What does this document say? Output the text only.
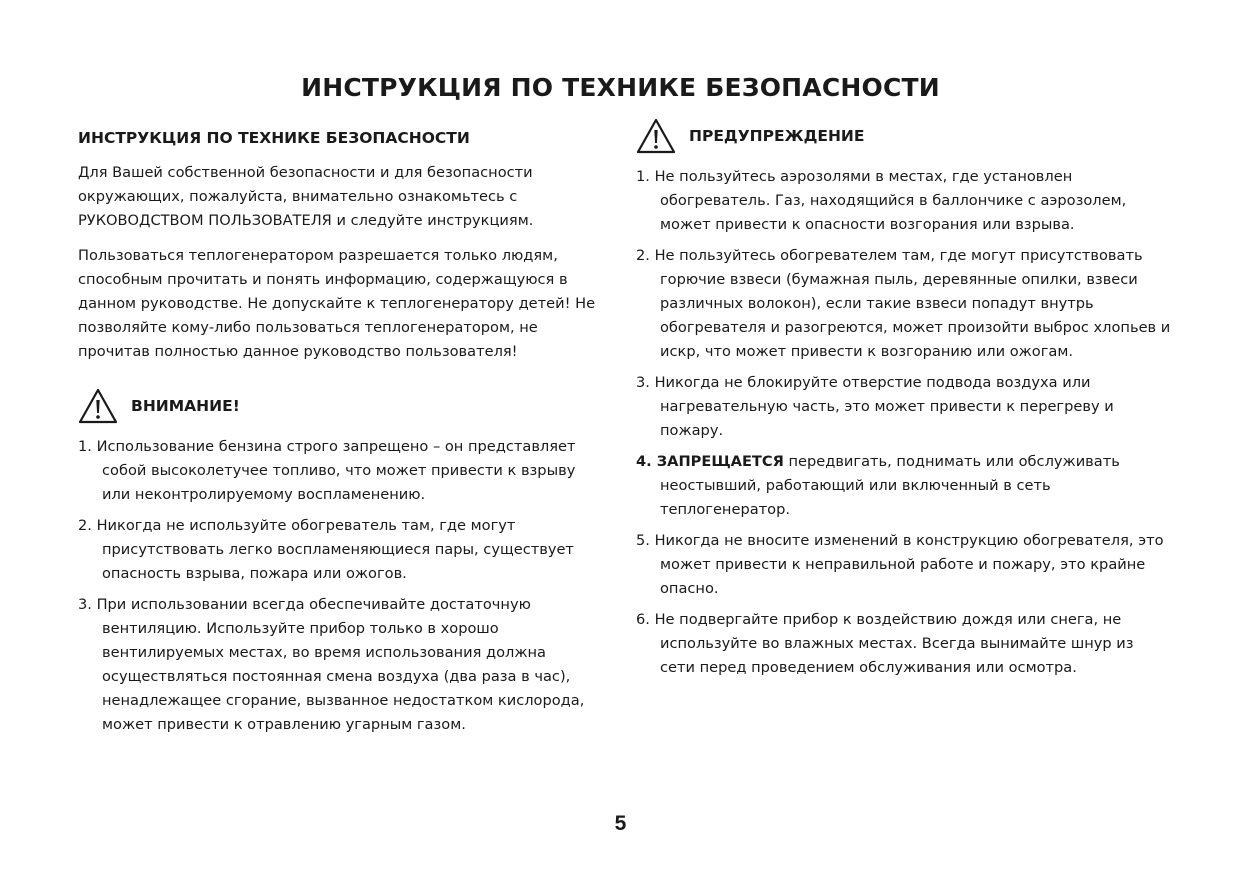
ИНСТРУКЦИЯ ПО ТЕХНИКЕ БЕЗОПАСНОСТИ
ИНСТРУКЦИЯ ПО ТЕХНИКЕ БЕЗОПАСНОСТИ

Для Вашей собственной безопасности и для безопасности окружающих, пожалуйста, внимательно ознакомьтесь с РУКОВОДСТВОМ ПОЛЬЗОВАТЕЛЯ и следуйте инструкциям.

Пользоваться теплогенератором разрешается только людям, способным прочитать и понять информацию, содержащуюся в данном руководстве. Не допускайте к теплогенератору детей! Не позволяйте кому-либо пользоваться теплогенератором, не прочитав полностью данное руководство пользователя!

ВНИМАНИЕ!
1. Использование бензина строго запрещено – он представляет собой высоколетучее топливо, что может привести к взрыву или неконтролируемому воспламенению.
2. Никогда не используйте обогреватель там, где могут присутствовать легко воспламеняющиеся пары, существует опасность взрыва, пожара или ожогов.
3. При использовании всегда обеспечивайте достаточную вентиляцию. Используйте прибор только в хорошо вентилируемых местах, во время использования должна осуществляться постоянная смена воздуха (два раза в час), ненадлежащее сгорание, вызванное недостатком кислорода, может привести к отравлению угарным газом.
ПРЕДУПРЕЖДЕНИЕ
1. Не пользуйтесь аэрозолями в местах, где установлен обогреватель. Газ, находящийся в баллончике с аэрозолем, может привести к опасности возгорания или взрыва.
2. Не пользуйтесь обогревателем там, где могут присутствовать горючие взвеси (бумажная пыль, деревянные опилки, взвеси различных волокон), если такие взвеси попадут внутрь обогревателя и разогреются, может произойти выброс хлопьев и искр, что может привести к возгоранию или ожогам.
3. Никогда не блокируйте отверстие подвода воздуха или нагревательную часть, это может привести к перегреву и пожару.
4. ЗАПРЕЩАЕТСЯ передвигать, поднимать или обслуживать неостывший, работающий или включенный в сеть теплогенератор.
5. Никогда не вносите изменений в конструкцию обогревателя, это может привести к неправильной работе и пожару, это крайне опасно.
6. Не подвергайте прибор к воздействию дождя или снега, не используйте во влажных местах. Всегда вынимайте шнур из сети перед проведением обслуживания или осмотра.

5
